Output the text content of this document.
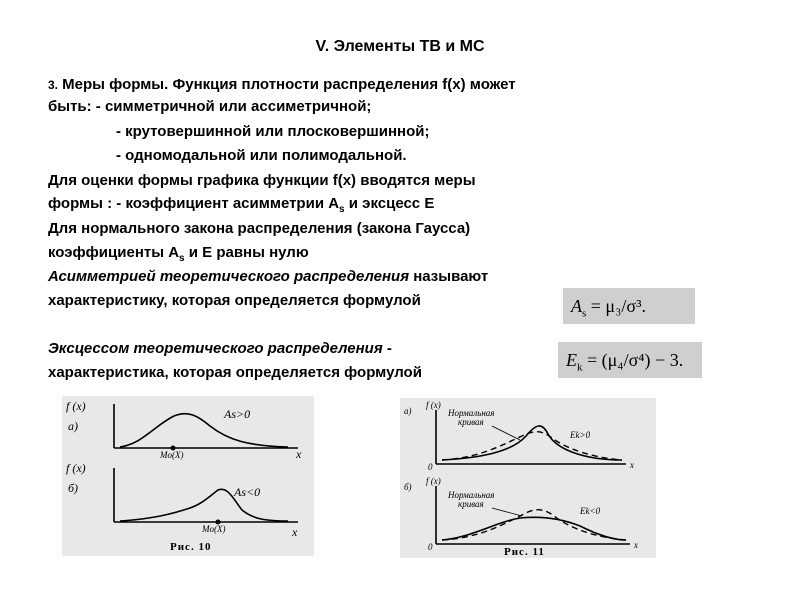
V. Элементы ТВ и МС
3. Меры формы. Функция плотности распределения f(x) может
быть: - симметричной или ассиметричной;
- крутовершинной или плосковершинной;
- одномодальной или полимодальной.
Для оценки формы графика функции f(x) вводятся меры
формы : - коэффициент асимметрии $A_s$ и эксцесс E
Для нормального закона распределения (закона Гаусса)
коэффициенты $A_s$ и E равны нулю
Асимметрией теоретического распределения называют
характеристику, которая определяется формулой
Эксцессом теоретического распределения -
характеристика, которая определяется формулой
$A_s = \mu_3/\sigma^3$.
$E_k = (\mu_4/\sigma^4) - 3$.
f (x)
а)
Mo(X)
As>0
x
f (x)
б)
Mo(X)
As<0
x
Рис. 10
f (x)
а)
0	x
Нормальная
кривая
Ek>0
f (x)
б)
0	x
Нормальная
кривая
Ek<0
Рис. 11
